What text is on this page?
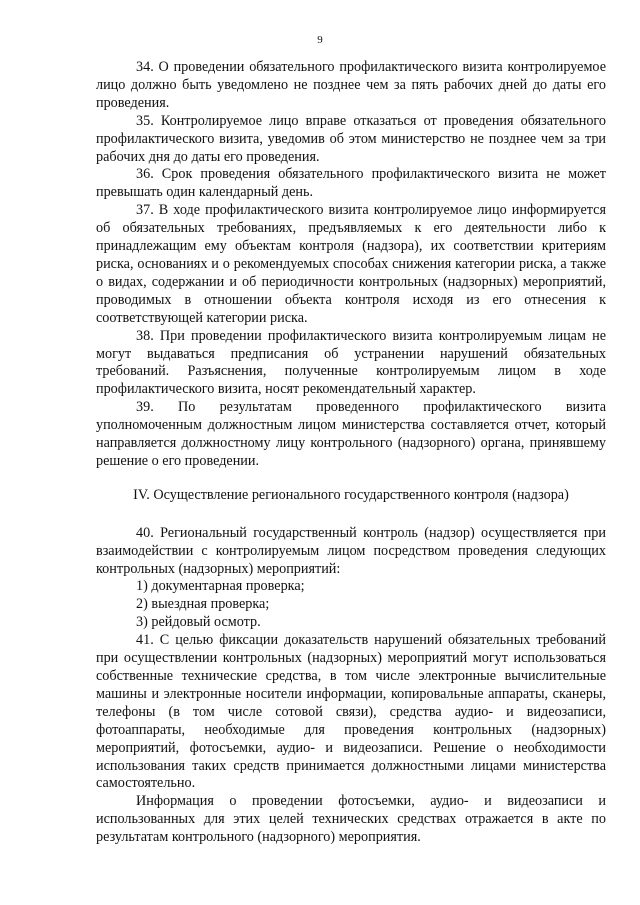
9

34. О проведении обязательного профилактического визита контролируемое лицо должно быть уведомлено не позднее чем за пять рабочих дней до даты его проведения.

35. Контролируемое лицо вправе отказаться от проведения обязательного профилактического визита, уведомив об этом министерство не позднее чем за три рабочих дня до даты его проведения.

36. Срок проведения обязательного профилактического визита не может превышать один календарный день.

37. В ходе профилактического визита контролируемое лицо информируется об обязательных требованиях, предъявляемых к его деятельности либо к принадлежащим ему объектам контроля (надзора), их соответствии критериям риска, основаниях и о рекомендуемых способах снижения категории риска, а также о видах, содержании и об периодичности контрольных (надзорных) мероприятий, проводимых в отношении объекта контроля исходя из его отнесения к соответствующей категории риска.

38. При проведении профилактического визита контролируемым лицам не могут выдаваться предписания об устранении нарушений обязательных требований. Разъяснения, полученные контролируемым лицом в ходе профилактического визита, носят рекомендательный характер.

39. По результатам проведенного профилактического визита уполномоченным должностным лицом министерства составляется отчет, который направляется должностному лицу контрольного (надзорного) органа, принявшему решение о его проведении.

IV. Осуществление регионального государственного контроля (надзора)

40. Региональный государственный контроль (надзор) осуществляется при взаимодействии с контролируемым лицом посредством проведения следующих контрольных (надзорных) мероприятий:

1) документарная проверка;

2) выездная проверка;

3) рейдовый осмотр.

41. С целью фиксации доказательств нарушений обязательных требований при осуществлении контрольных (надзорных) мероприятий могут использоваться собственные технические средства, в том числе электронные вычислительные машины и электронные носители информации, копировальные аппараты, сканеры, телефоны (в том числе сотовой связи), средства аудио- и видеозаписи, фотоаппараты, необходимые для проведения контрольных (надзорных) мероприятий, фотосъемки, аудио- и видеозаписи. Решение о необходимости использования таких средств принимается должностными лицами министерства самостоятельно.

Информация о проведении фотосъемки, аудио- и видеозаписи и использованных для этих целей технических средствах отражается в акте по результатам контрольного (надзорного) мероприятия.
